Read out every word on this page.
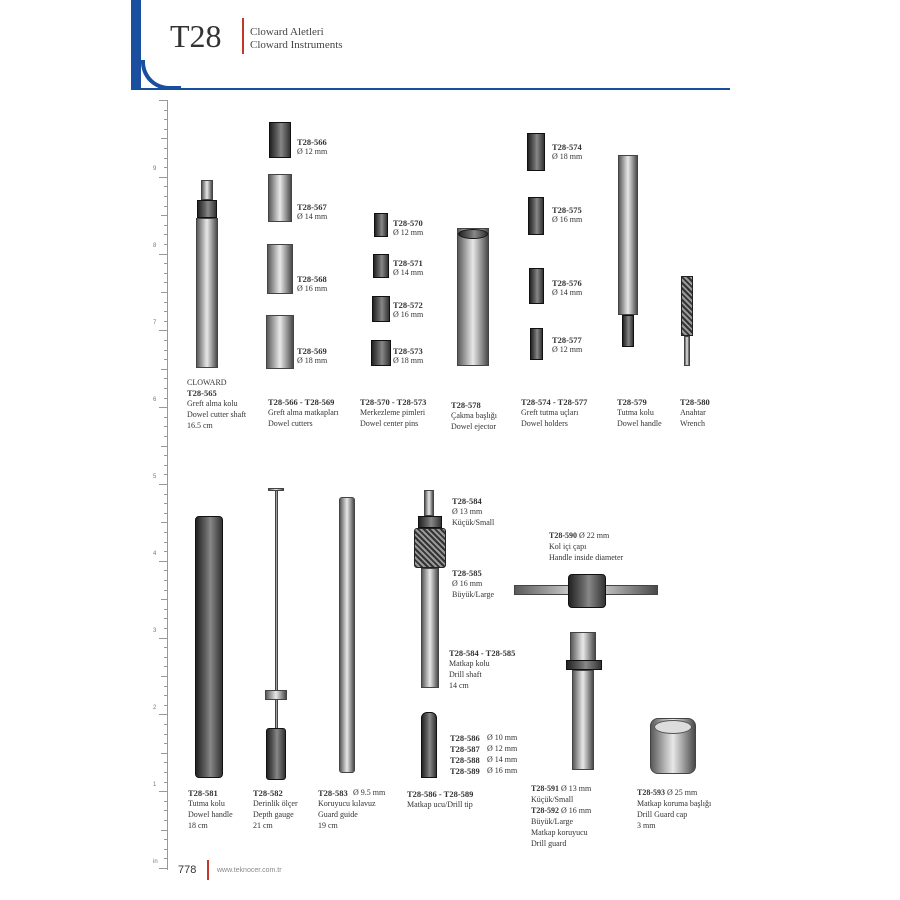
T28	Cloward Aletleri
Cloward Instruments
9
8
7
6
5
4
3
2
1
in
CLOWARD
T28-565
Greft alma kolu
Dowel cutter shaft
16.5 cm
T28-566
Ø 12 mm
T28-567
Ø 14 mm
T28-568
Ø 16 mm
T28-569
Ø 18 mm
T28-566 - T28-569
Greft alma matkapları
Dowel cutters
T28-570
Ø 12 mm
T28-571
Ø 14 mm
T28-572
Ø 16 mm
T28-573
Ø 18 mm
T28-570 - T28-573
Merkezleme pimleri
Dowel center pins
T28-578
Çakma başlığı
Dowel ejector
T28-574
Ø 18 mm
T28-575
Ø 16 mm
T28-576
Ø 14 mm
T28-577
Ø 12 mm
T28-574 - T28-577
Greft tutma uçları
Dowel holders
T28-579
Tutma kolu
Dowel handle
T28-580
Anahtar
Wrench
T28-581
Tutma kolu
Dowel handle
18 cm
T28-582
Derinlik ölçer
Depth gauge
21 cm
T28-583 Ø 9.5 mm
Koruyucu kılavuz
Guard guide
19 cm
T28-584
Ø 13 mm
Küçük/Small
T28-585
Ø 16 mm
Büyük/Large
T28-584 - T28-585
Matkap kolu
Drill shaft
14 cm
T28-586 Ø 10 mm
T28-587 Ø 12 mm
T28-588 Ø 14 mm
T28-589 Ø 16 mm
T28-586 - T28-589
Matkap ucu/Drill tip
T28-590 Ø 22 mm
Kol içi çapı
Handle inside diameter
T28-591 Ø 13 mm
Küçük/Small
T28-592 Ø 16 mm
Büyük/Large
Matkap koruyucu
Drill guard
T28-593 Ø 25 mm
Matkap koruma başlığı
Drill Guard cap
3 mm
778	www.teknocer.com.tr
